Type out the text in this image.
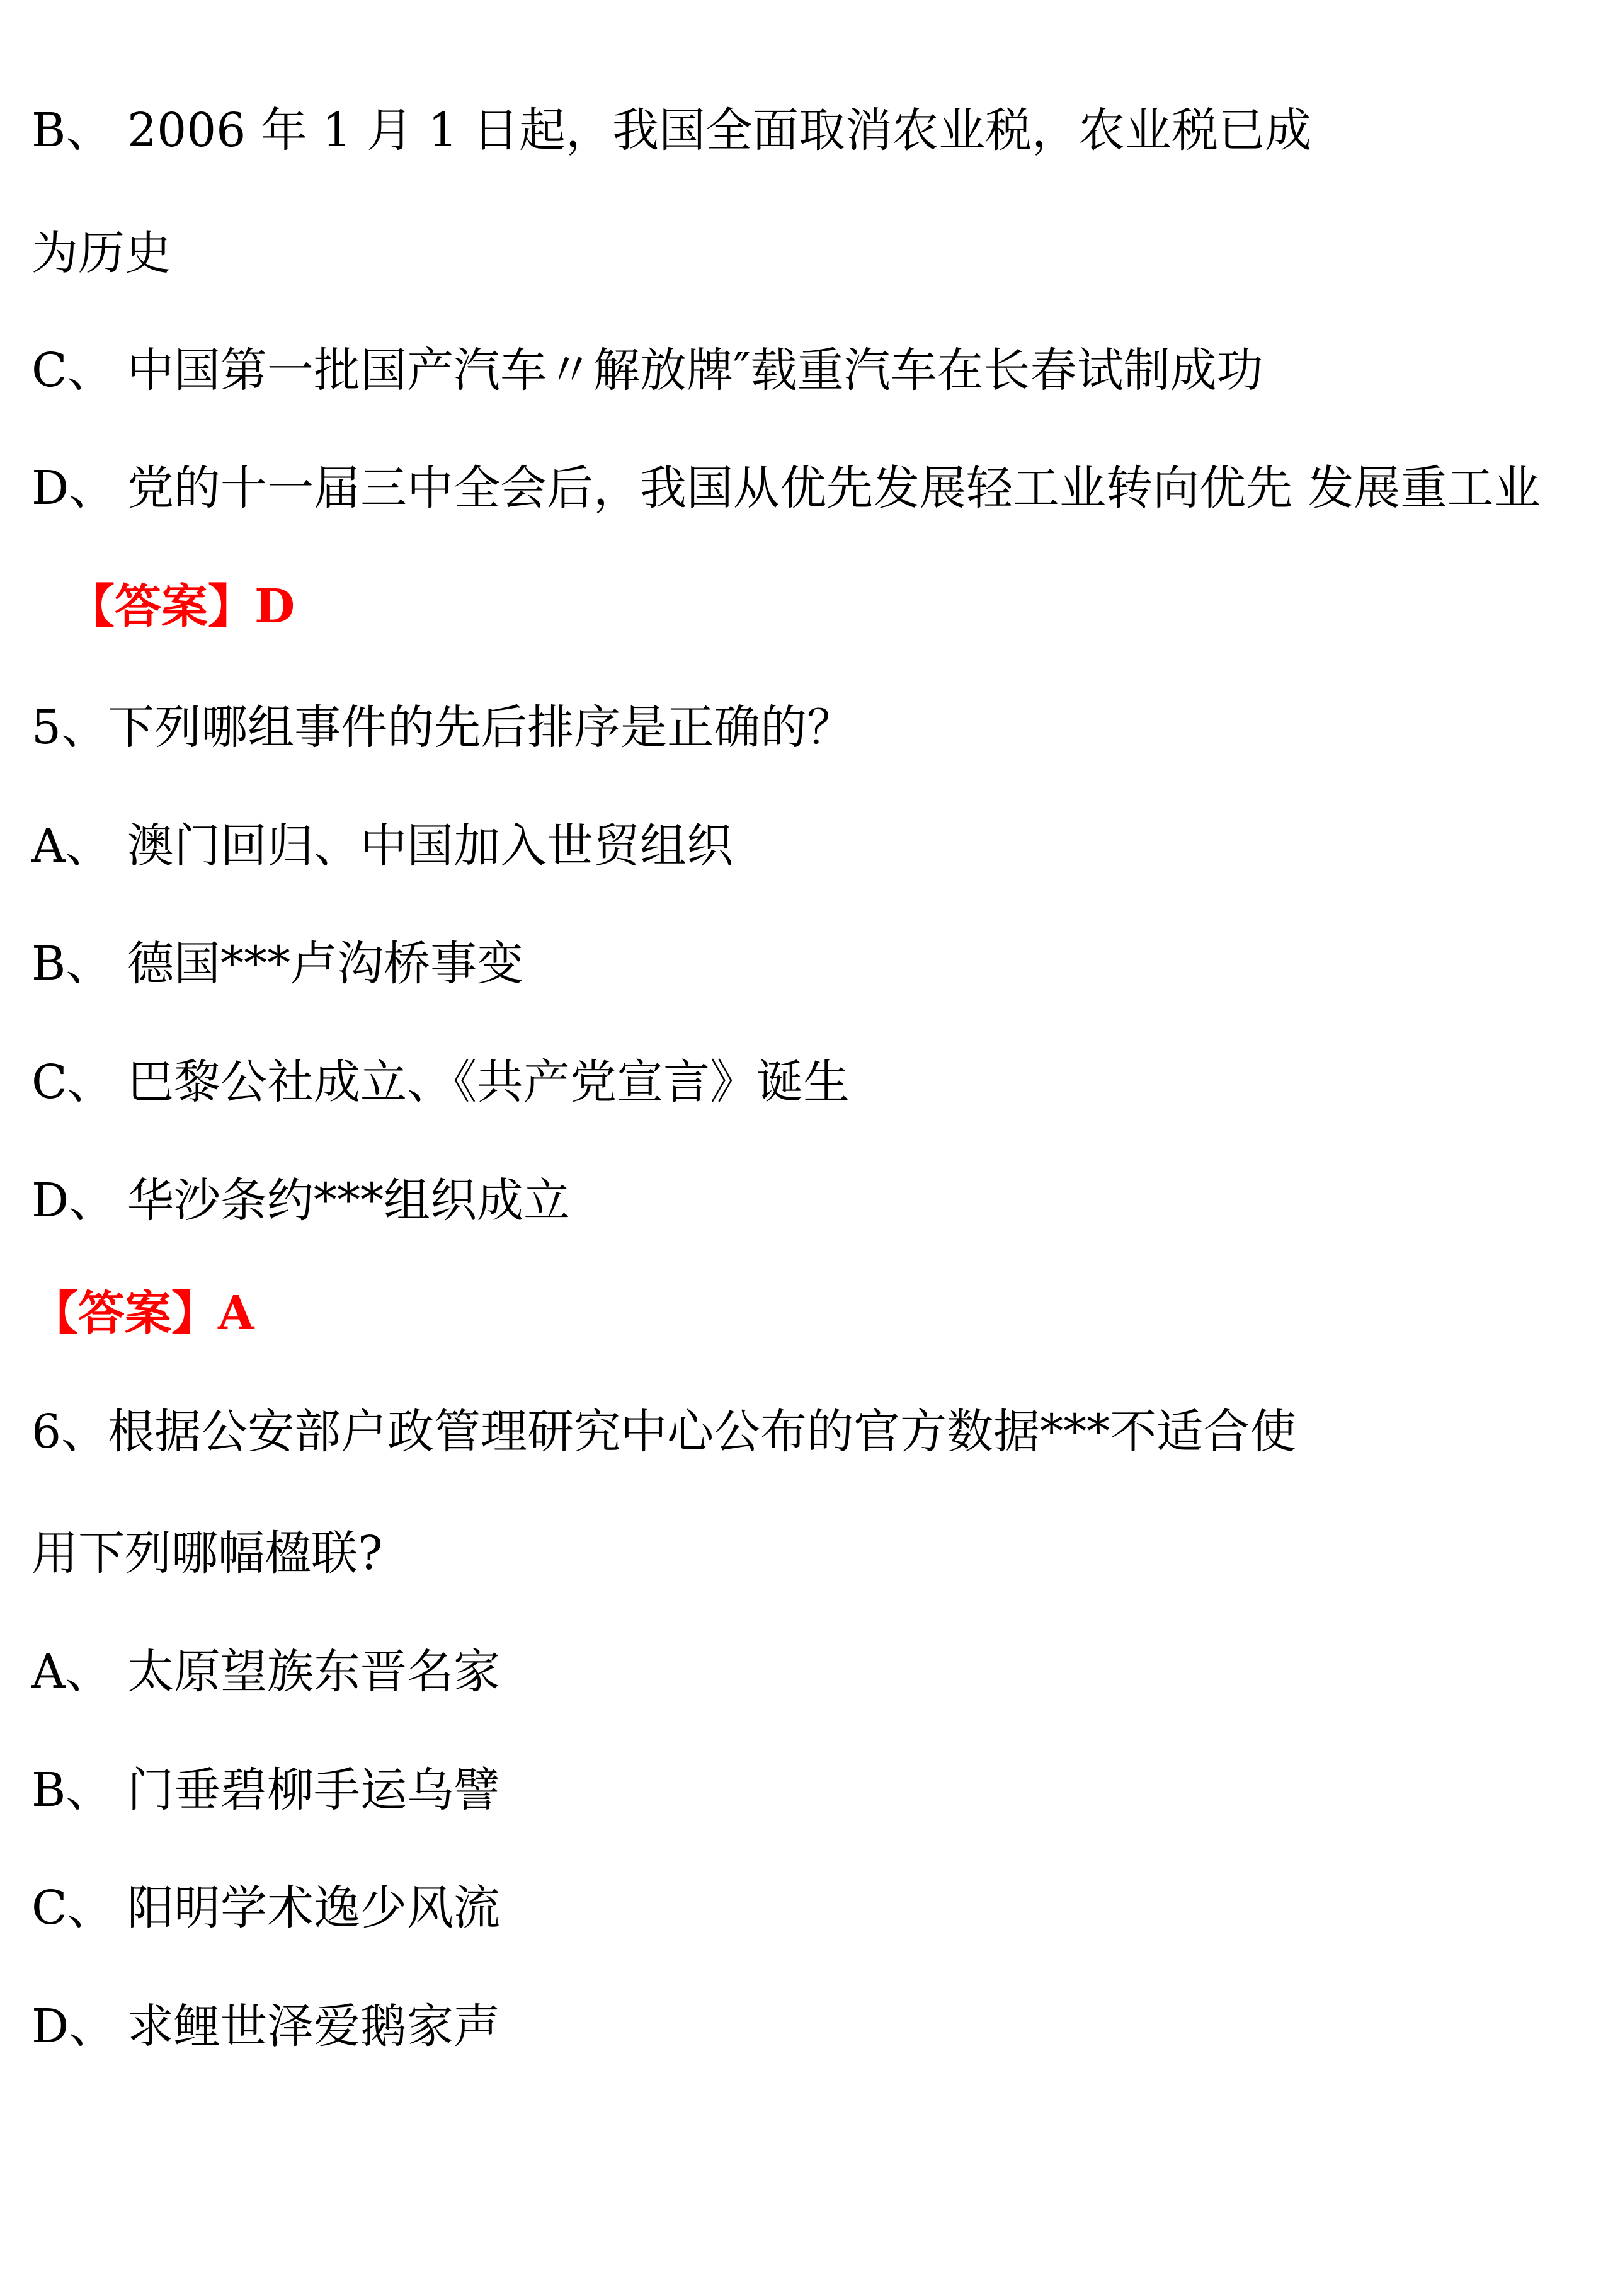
B、 2006 年 1 月 1 日起，我国全面取消农业税，农业税已成
为历史
C、 中国第一批国产汽车〃解放牌″载重汽车在长春试制成功
D、 党的十一届三中全会后，我国从优先发展轻工业转向优先 发展重工业
【答案】D
5、下列哪组事件的先后排序是正确的？
A、 澳门回归、中国加入世贸组织
B、 德国***卢沟桥事变
C、 巴黎公社成立、《共产党宣言》诞生
D、 华沙条约***组织成立
【答案】A
6、根据公安部户政管理研究中心公布的官方数据***不适合使
用下列哪幅楹联?
A、 太原望族东晋名家
B、 门垂碧柳手运乌譬
C、 阳明学术逸少风流
D、 求鲤世泽爱鹅家声
